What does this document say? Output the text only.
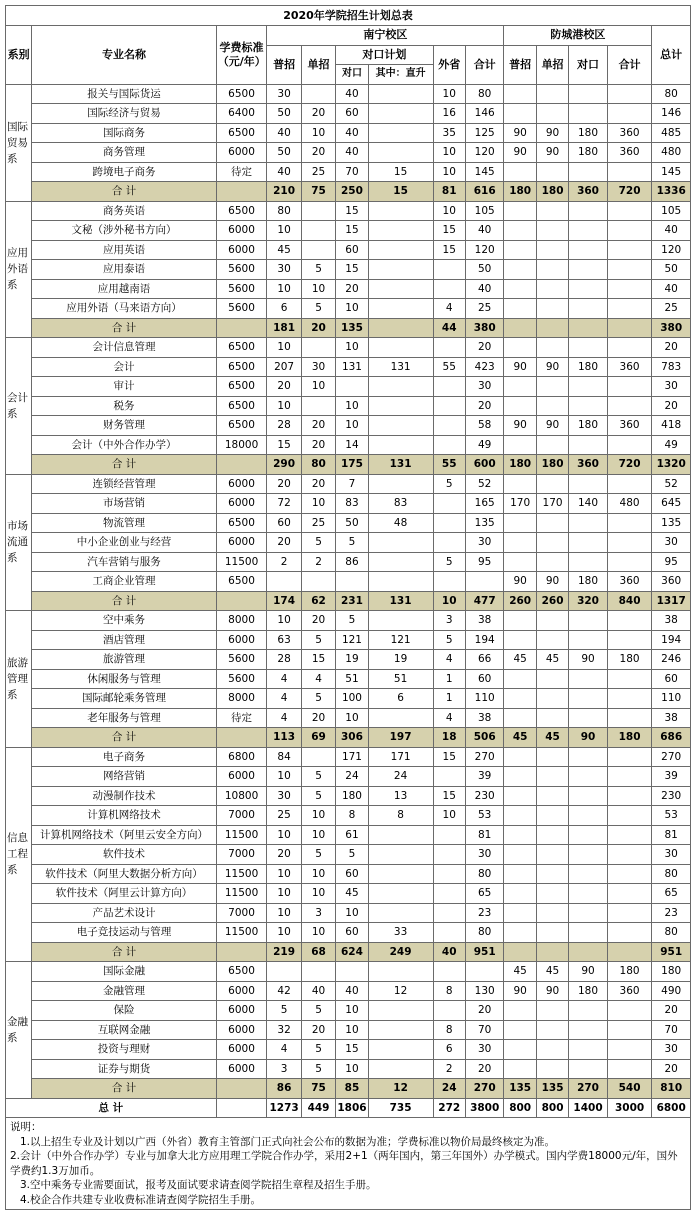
2020年学院招生计划总表													
系别	专业名称	学费标准（元/年）	南宁校区						防城港校区				总计
			普招	单招	对口计划		外省	合计	普招	单招	对口	合计	
					对口	其中：直升							
国际贸易系	报关与国际货运	6500	30		40		10	80					80
	国际经济与贸易	6400	50	20	60		16	146					146
	国际商务	6500	40	10	40		35	125	90	90	180	360	485
	商务管理	6000	50	20	40		10	120	90	90	180	360	480
	跨境电子商务	待定	40	25	70	15	10	145					145
	合 计		210	75	250	15	81	616	180	180	360	720	1336
应用外语系	商务英语	6500	80		15		10	105					105
	文秘（涉外秘书方向）	6000	10		15		15	40					40
	应用英语	6000	45		60		15	120					120
	应用泰语	5600	30	5	15			50					50
	应用越南语	5600	10	10	20			40					40
	应用外语（马来语方向）	5600	6	5	10		4	25					25
	合 计		181	20	135		44	380					380
会计系	会计信息管理	6500	10		10			20					20
	会计	6500	207	30	131	131	55	423	90	90	180	360	783
	审计	6500	20	10				30					30
	税务	6500	10		10			20					20
	财务管理	6500	28	20	10			58	90	90	180	360	418
	会计（中外合作办学）	18000	15	20	14			49					49
	合 计		290	80	175	131	55	600	180	180	360	720	1320
市场流通系	连锁经营管理	6000	20	20	7		5	52					52
	市场营销	6000	72	10	83	83		165	170	170	140	480	645
	物流管理	6500	60	25	50	48		135					135
	中小企业创业与经营	6000	20	5	5			30					30
	汽车营销与服务	11500	2	2	86		5	95					95
	工商企业管理	6500							90	90	180	360	360
	合 计		174	62	231	131	10	477	260	260	320	840	1317
旅游管理系	空中乘务	8000	10	20	5		3	38					38
	酒店管理	6000	63	5	121	121	5	194					194
	旅游管理	5600	28	15	19	19	4	66	45	45	90	180	246
	休闲服务与管理	5600	4	4	51	51	1	60					60
	国际邮轮乘务管理	8000	4	5	100	6	1	110					110
	老年服务与管理	待定	4	20	10		4	38					38
	合 计		113	69	306	197	18	506	45	45	90	180	686
信息工程系	电子商务	6800	84		171	171	15	270					270
	网络营销	6000	10	5	24	24		39					39
	动漫制作技术	10800	30	5	180	13	15	230					230
	计算机网络技术	7000	25	10	8	8	10	53					53
	计算机网络技术（阿里云安全方向）	11500	10	10	61			81					81
	软件技术	7000	20	5	5			30					30
	软件技术（阿里大数据分析方向）	11500	10	10	60			80					80
	软件技术（阿里云计算方向）	11500	10	10	45			65					65
	产品艺术设计	7000	10	3	10			23					23
	电子竞技运动与管理	11500	10	10	60	33		80					80
	合 计		219	68	624	249	40	951					951
金融系	国际金融	6500							45	45	90	180	180
	金融管理	6000	42	40	40	12	8	130	90	90	180	360	490
	保险	6000	5	5	10			20					20
	互联网金融	6000	32	20	10		8	70					70
	投资与理财	6000	4	5	15		6	30					30
	证券与期货	6000	3	5	10		2	20					20
	合 计		86	75	85	12	24	270	135	135	270	540	810
总 计			1273	449	1806	735	272	3800	800	800	1400	3000	6800
说明：
1.以上招生专业及计划以广西（外省）教育主管部门正式向社会公布的数据为准；学费标准以物价局最终核定为准。
2.会计（中外合作办学）专业与加拿大北方应用理工学院合作办学，采用2+1（两年国内，第三年国外）办学模式。国内学费18000元/年，国外学费约1.3万加币。
3.空中乘务专业需要面试，报考及面试要求请查阅学院招生章程及招生手册。
4.校企合作共建专业收费标准请查阅学院招生手册。
